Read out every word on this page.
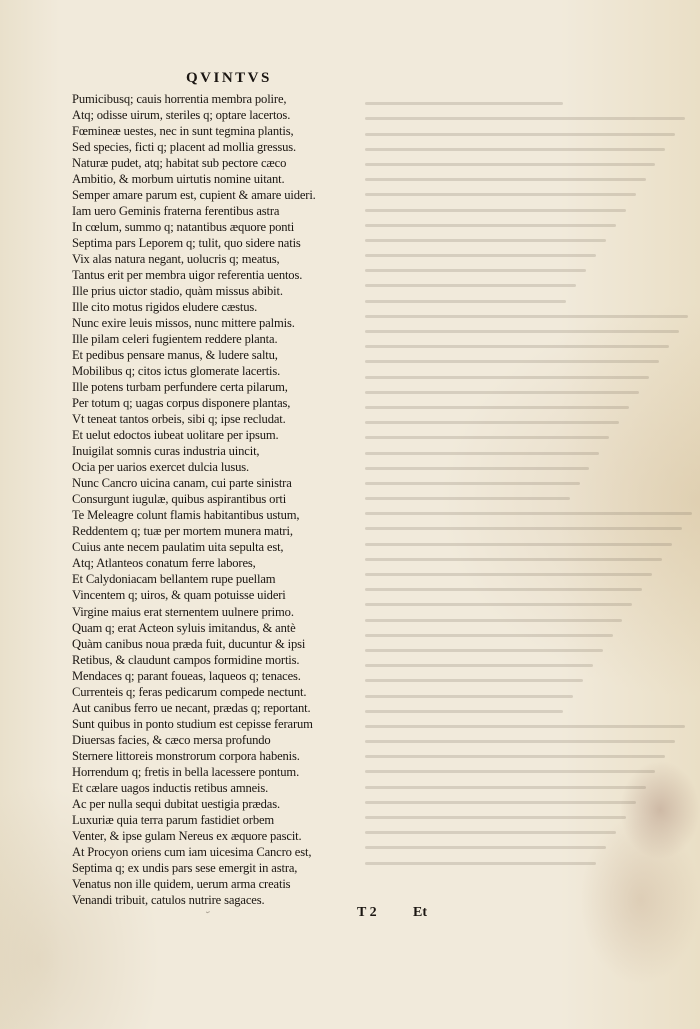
QVINTVS
Pumicibusq; cauis horrentia membra polire,
Atq; odisse uirum, steriles q; optare lacertos.
Fœmineæ uestes, nec in sunt tegmina plantis,
Sed species, ficti q; placent ad mollia gressus.
Naturæ pudet, atq; habitat sub pectore cæco
Ambitio, & morbum uirtutis nomine uitant.
Semper amare parum est, cupient & amare uideri.
Iam uero Geminis fraterna ferentibus astra
In cœlum, summo q; natantibus æquore ponti
Septima pars Leporem q; tulit, quo sidere natis
Vix alas natura negant, uolucris q; meatus,
Tantus erit per membra uigor referentia uentos.
Ille prius uictor stadio, quàm missus abibit.
Ille cito motus rigidos eludere cæstus.
Nunc exire leuis missos, nunc mittere palmis.
Ille pilam celeri fugientem reddere planta.
Et pedibus pensare manus, & ludere saltu,
Mobilibus q; citos ictus glomerate lacertis.
Ille potens turbam perfundere certa pilarum,
Per totum q; uagas corpus disponere plantas,
Vt teneat tantos orbeis, sibi q; ipse recludat.
Et uelut edoctos iubeat uolitare per ipsum.
Inuigilat somnis curas industria uincit,
Ocia per uarios exercet dulcia lusus.
Nunc Cancro uicina canam, cui parte sinistra
Consurgunt iugulæ, quibus aspirantibus orti
Te Meleagre colunt flamis habitantibus ustum,
Reddentem q; tuæ per mortem munera matri,
Cuius ante necem paulatim uita sepulta est,
Atq; Atlanteos conatum ferre labores,
Et Calydoniacam bellantem rupe puellam
Vincentem q; uiros, & quam potuisse uideri
Virgine maius erat sternentem uulnere primo.
Quam q; erat Acteon syluis imitandus, & antè
Quàm canibus noua præda fuit, ducuntur & ipsi
Retibus, & claudunt campos formidine mortis.
Mendaces q; parant foueas, laqueos q; tenaces.
Currenteis q; feras pedicarum compede nectunt.
Aut canibus ferro ue necant, prædas q; reportant.
Sunt quibus in ponto studium est cepisse ferarum
Diuersas facies, & cæco mersa profundo
Sternere littoreis monstrorum corpora habenis.
Horrendum q; fretis in bella lacessere pontum.
Et cælare uagos inductis retibus amneis.
Ac per nulla sequi dubitat uestigia prædas.
Luxuriæ quia terra parum fastidiet orbem
Venter, & ipse gulam Nereus ex æquore pascit.
At Procyon oriens cum iam uicesima Cancro est,
Septima q; ex undis pars sese emergit in astra,
Venatus non ille quidem, uerum arma creatis
Venandi tribuit, catulos nutrire sagaces.
T 2	Et
